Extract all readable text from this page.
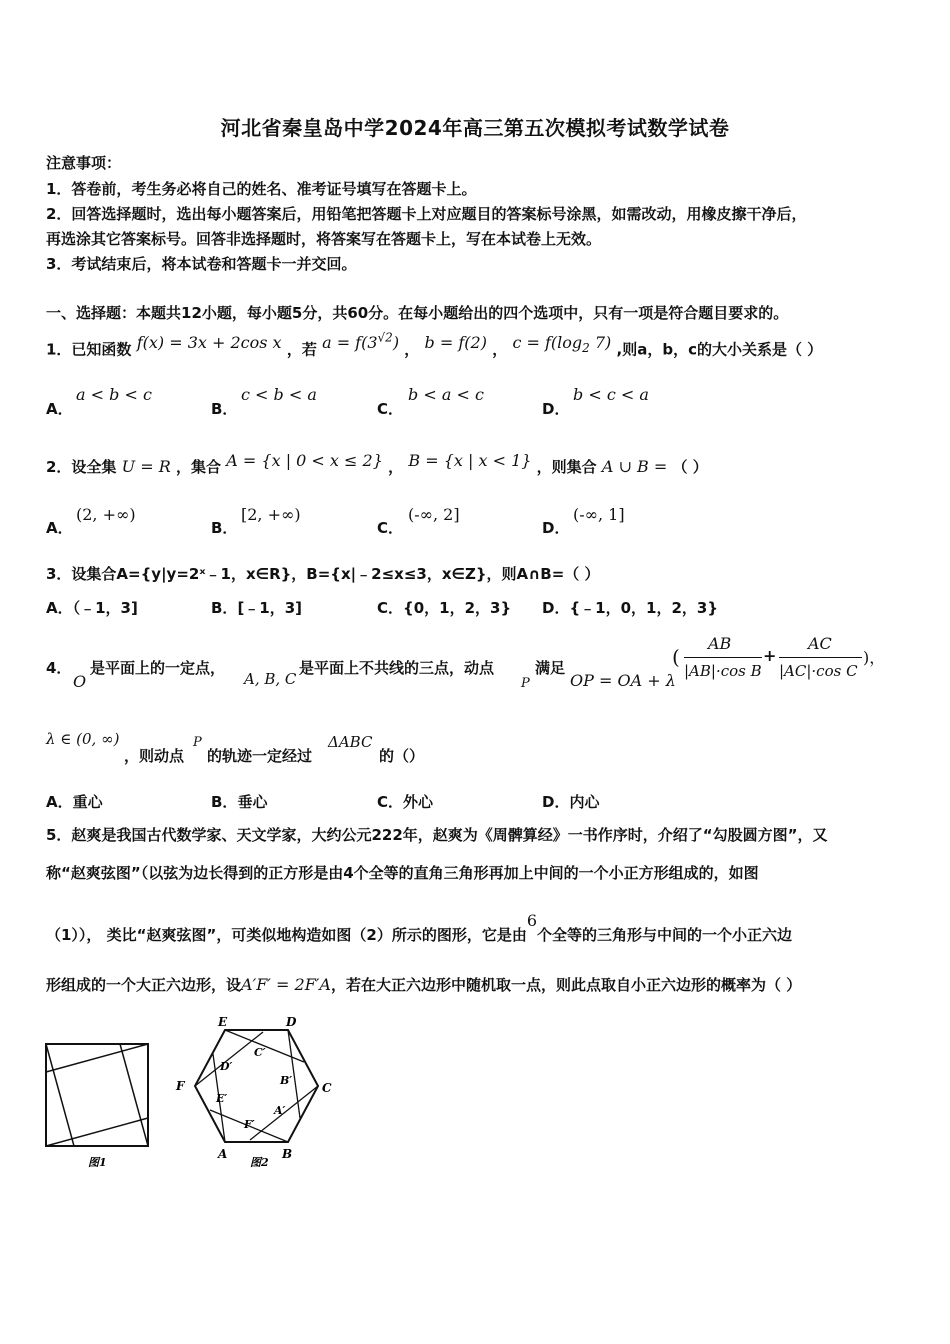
河北省秦皇岛中学2024年高三第五次模拟考试数学试卷
注意事项：
1．答卷前，考生务必将自己的姓名、准考证号填写在答题卡上。
2．回答选择题时，选出每小题答案后，用铅笔把答题卡上对应题目的答案标号涂黑，如需改动，用橡皮擦干净后，
再选涂其它答案标号。回答非选择题时，将答案写在答题卡上，写在本试卷上无效。
3．考试结束后，将本试卷和答题卡一并交回。
一、选择题：本题共12小题，每小题5分，共60分。在每小题给出的四个选项中，只有一项是符合题目要求的。
1．已知函数 f(x) = 3x + 2cos x ，若 $a = f(3^{√2})$ ， b = f(2) ， $c = f(\log_2$ 7) ,则a，b，c的大小关系是（ ）
A．
a < b < c
B．
c < b < a
C．
b < a < c
D．
b < c < a
2．设全集 U = R ，集合 A = {x | 0 < x ≤ 2} ， B = {x | x < 1} ，则集合 A ∪ B = （ ）
A．
(2, +∞)
B．
[2, +∞)
C．
(-∞, 2]
D．
(-∞, 1]
3．设集合A={y|y=2ˣ﹣1，x∈R}，B={x|﹣2≤x≤3，x∈Z}，则A∩B=（ ）
A．（﹣1，3]	B．[﹣1，3]	C．{0，1，2，3} D．{﹣1，0，1，2，3}
4．
O
是平面上的一定点，
A, B, C
是平面上不共线的三点，动点
P
满足
OP = OA + λ
(
AB
|AB|·cos B
+
AC
|AC|·cos C
)，
λ ∈ (0, ∞)
，则动点
P
的轨迹一定经过
ΔABC
的（）
A．重心	B．垂心	C．外心	D．内心
5．赵爽是我国古代数学家、天文学家，大约公元222年，赵爽为《周髀算经》一书作序时，介绍了“勾股圆方图”，又
称“赵爽弦图”（以弦为边长得到的正方形是由4个全等的直角三角形再加上中间的一个小正方形组成的，如图
（1））， 类比“赵爽弦图”，可类似地构造如图（2）所示的图形，它是由6个全等的三角形与中间的一个小正六边
形组成的一个大正六边形，设A′F′ = 2F′A，若在大正六边形中随机取一点，则此点取自小正六边形的概率为（ ）
图1
E	D
C
B
A
F
D′
C′
B′
A′
F′
E′
图2
